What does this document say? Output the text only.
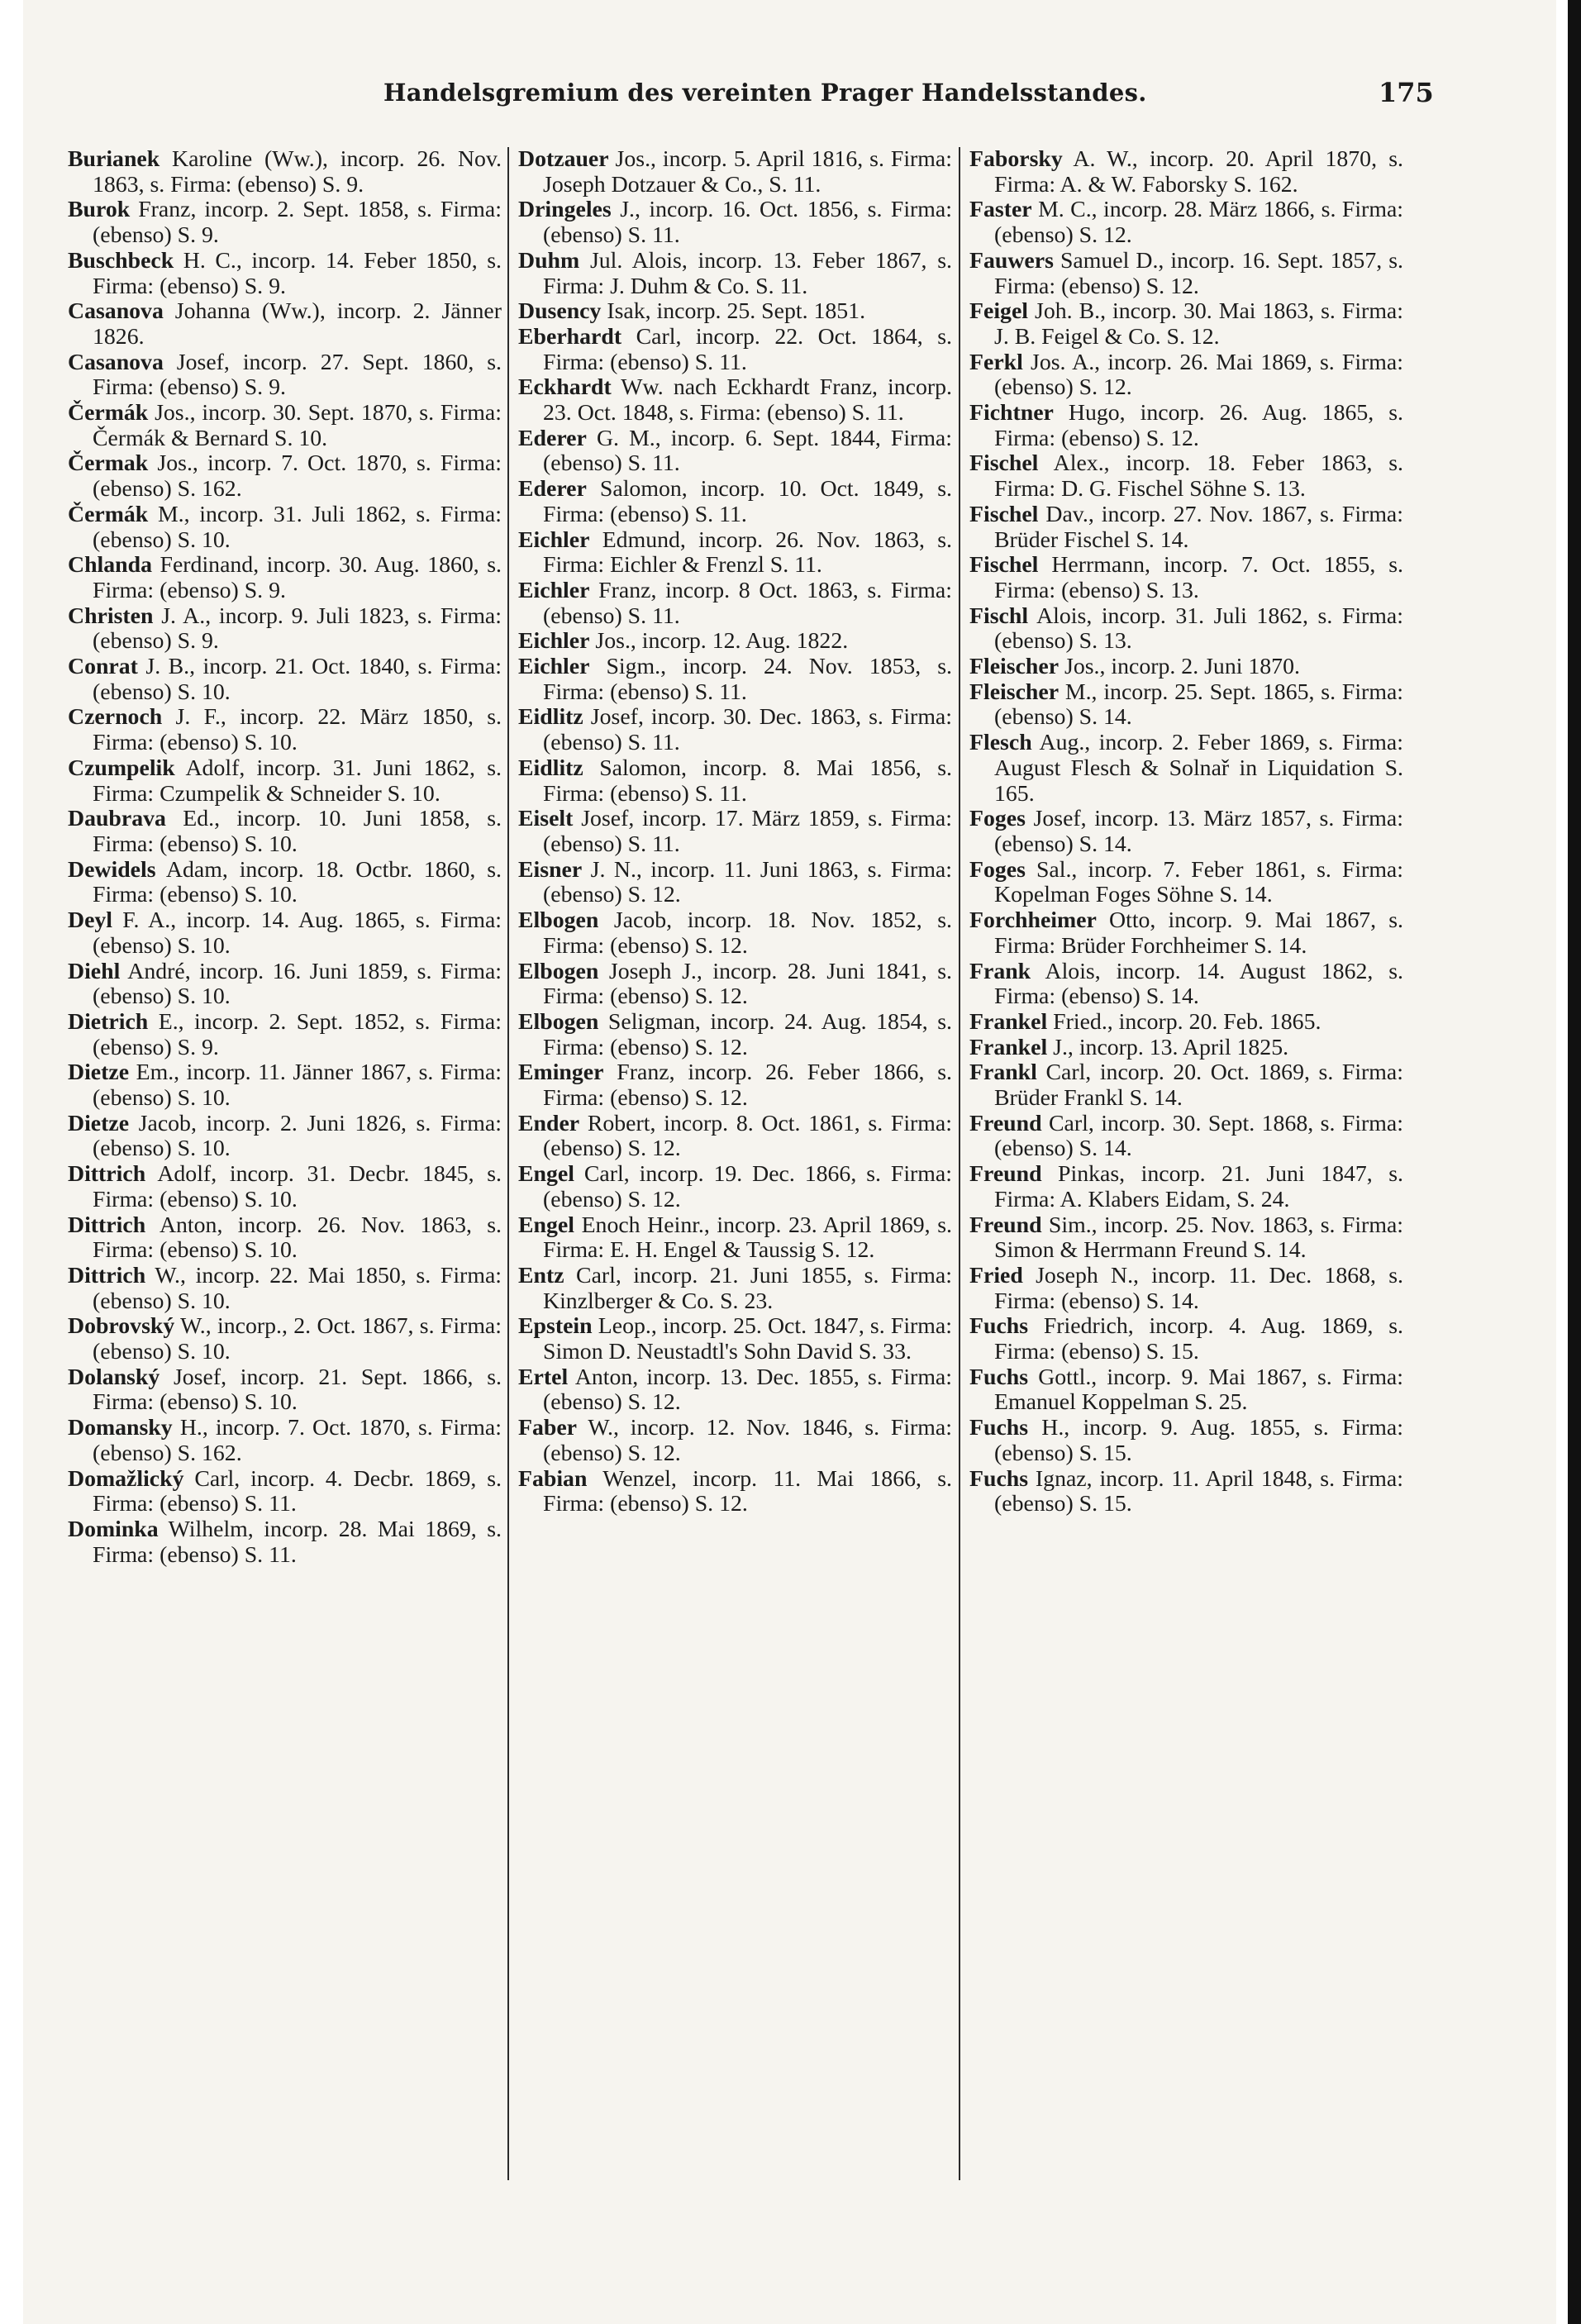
Handelsgremium des vereinten Prager Handelsstandes.	175

Burianek Karoline (Ww.), incorp. 26. Nov. 1863, s. Firma: (ebenso) S. 9.

Burok Franz, incorp. 2. Sept. 1858, s. Firma: (ebenso) S. 9.

Buschbeck H. C., incorp. 14. Feber 1850, s. Firma: (ebenso) S. 9.

Casanova Johanna (Ww.), incorp. 2. Jänner 1826.

Casanova Josef, incorp. 27. Sept. 1860, s. Firma: (ebenso) S. 9.

Čermák Jos., incorp. 30. Sept. 1870, s. Firma: Čermák & Bernard S. 10.

Čermak Jos., incorp. 7. Oct. 1870, s. Firma: (ebenso) S. 162.

Čermák M., incorp. 31. Juli 1862, s. Firma: (ebenso) S. 10.

Chlanda Ferdinand, incorp. 30. Aug. 1860, s. Firma: (ebenso) S. 9.

Christen J. A., incorp. 9. Juli 1823, s. Firma: (ebenso) S. 9.

Conrat J. B., incorp. 21. Oct. 1840, s. Firma: (ebenso) S. 10.

Czernoch J. F., incorp. 22. März 1850, s. Firma: (ebenso) S. 10.

Czumpelik Adolf, incorp. 31. Juni 1862, s. Firma: Czumpelik & Schneider S. 10.

Daubrava Ed., incorp. 10. Juni 1858, s. Firma: (ebenso) S. 10.

Dewidels Adam, incorp. 18. Octbr. 1860, s. Firma: (ebenso) S. 10.

Deyl F. A., incorp. 14. Aug. 1865, s. Firma: (ebenso) S. 10.

Diehl André, incorp. 16. Juni 1859, s. Firma: (ebenso) S. 10.

Dietrich E., incorp. 2. Sept. 1852, s. Firma: (ebenso) S. 9.

Dietze Em., incorp. 11. Jänner 1867, s. Firma: (ebenso) S. 10.

Dietze Jacob, incorp. 2. Juni 1826, s. Firma: (ebenso) S. 10.

Dittrich Adolf, incorp. 31. Decbr. 1845, s. Firma: (ebenso) S. 10.

Dittrich Anton, incorp. 26. Nov. 1863, s. Firma: (ebenso) S. 10.

Dittrich W., incorp. 22. Mai 1850, s. Firma: (ebenso) S. 10.

Dobrovský W., incorp., 2. Oct. 1867, s. Firma: (ebenso) S. 10.

Dolanský Josef, incorp. 21. Sept. 1866, s. Firma: (ebenso) S. 10.

Domansky H., incorp. 7. Oct. 1870, s. Firma: (ebenso) S. 162.

Domažlický Carl, incorp. 4. Decbr. 1869, s. Firma: (ebenso) S. 11.

Dominka Wilhelm, incorp. 28. Mai 1869, s. Firma: (ebenso) S. 11.

Dotzauer Jos., incorp. 5. April 1816, s. Firma: Joseph Dotzauer & Co., S. 11.

Dringeles J., incorp. 16. Oct. 1856, s. Firma: (ebenso) S. 11.

Duhm Jul. Alois, incorp. 13. Feber 1867, s. Firma: J. Duhm & Co. S. 11.

Dusency Isak, incorp. 25. Sept. 1851.

Eberhardt Carl, incorp. 22. Oct. 1864, s. Firma: (ebenso) S. 11.

Eckhardt Ww. nach Eckhardt Franz, incorp. 23. Oct. 1848, s. Firma: (ebenso) S. 11.

Ederer G. M., incorp. 6. Sept. 1844, Firma: (ebenso) S. 11.

Ederer Salomon, incorp. 10. Oct. 1849, s. Firma: (ebenso) S. 11.

Eichler Edmund, incorp. 26. Nov. 1863, s. Firma: Eichler & Frenzl S. 11.

Eichler Franz, incorp. 8 Oct. 1863, s. Firma: (ebenso) S. 11.

Eichler Jos., incorp. 12. Aug. 1822.

Eichler Sigm., incorp. 24. Nov. 1853, s. Firma: (ebenso) S. 11.

Eidlitz Josef, incorp. 30. Dec. 1863, s. Firma: (ebenso) S. 11.

Eidlitz Salomon, incorp. 8. Mai 1856, s. Firma: (ebenso) S. 11.

Eiselt Josef, incorp. 17. März 1859, s. Firma: (ebenso) S. 11.

Eisner J. N., incorp. 11. Juni 1863, s. Firma: (ebenso) S. 12.

Elbogen Jacob, incorp. 18. Nov. 1852, s. Firma: (ebenso) S. 12.

Elbogen Joseph J., incorp. 28. Juni 1841, s. Firma: (ebenso) S. 12.

Elbogen Seligman, incorp. 24. Aug. 1854, s. Firma: (ebenso) S. 12.

Eminger Franz, incorp. 26. Feber 1866, s. Firma: (ebenso) S. 12.

Ender Robert, incorp. 8. Oct. 1861, s. Firma: (ebenso) S. 12.

Engel Carl, incorp. 19. Dec. 1866, s. Firma: (ebenso) S. 12.

Engel Enoch Heinr., incorp. 23. April 1869, s. Firma: E. H. Engel & Taussig S. 12.

Entz Carl, incorp. 21. Juni 1855, s. Firma: Kinzlberger & Co. S. 23.

Epstein Leop., incorp. 25. Oct. 1847, s. Firma: Simon D. Neustadtl's Sohn David S. 33.

Ertel Anton, incorp. 13. Dec. 1855, s. Firma: (ebenso) S. 12.

Faber W., incorp. 12. Nov. 1846, s. Firma: (ebenso) S. 12.

Fabian Wenzel, incorp. 11. Mai 1866, s. Firma: (ebenso) S. 12.

Faborsky A. W., incorp. 20. April 1870, s. Firma: A. & W. Faborsky S. 162.

Faster M. C., incorp. 28. März 1866, s. Firma: (ebenso) S. 12.

Fauwers Samuel D., incorp. 16. Sept. 1857, s. Firma: (ebenso) S. 12.

Feigel Joh. B., incorp. 30. Mai 1863, s. Firma: J. B. Feigel & Co. S. 12.

Ferkl Jos. A., incorp. 26. Mai 1869, s. Firma: (ebenso) S. 12.

Fichtner Hugo, incorp. 26. Aug. 1865, s. Firma: (ebenso) S. 12.

Fischel Alex., incorp. 18. Feber 1863, s. Firma: D. G. Fischel Söhne S. 13.

Fischel Dav., incorp. 27. Nov. 1867, s. Firma: Brüder Fischel S. 14.

Fischel Herrmann, incorp. 7. Oct. 1855, s. Firma: (ebenso) S. 13.

Fischl Alois, incorp. 31. Juli 1862, s. Firma: (ebenso) S. 13.

Fleischer Jos., incorp. 2. Juni 1870.

Fleischer M., incorp. 25. Sept. 1865, s. Firma: (ebenso) S. 14.

Flesch Aug., incorp. 2. Feber 1869, s. Firma: August Flesch & Solnař in Liquidation S. 165.

Foges Josef, incorp. 13. März 1857, s. Firma: (ebenso) S. 14.

Foges Sal., incorp. 7. Feber 1861, s. Firma: Kopelman Foges Söhne S. 14.

Forchheimer Otto, incorp. 9. Mai 1867, s. Firma: Brüder Forchheimer S. 14.

Frank Alois, incorp. 14. August 1862, s. Firma: (ebenso) S. 14.

Frankel Fried., incorp. 20. Feb. 1865.

Frankel J., incorp. 13. April 1825.

Frankl Carl, incorp. 20. Oct. 1869, s. Firma: Brüder Frankl S. 14.

Freund Carl, incorp. 30. Sept. 1868, s. Firma: (ebenso) S. 14.

Freund Pinkas, incorp. 21. Juni 1847, s. Firma: A. Klabers Eidam, S. 24.

Freund Sim., incorp. 25. Nov. 1863, s. Firma: Simon & Herrmann Freund S. 14.

Fried Joseph N., incorp. 11. Dec. 1868, s. Firma: (ebenso) S. 14.

Fuchs Friedrich, incorp. 4. Aug. 1869, s. Firma: (ebenso) S. 15.

Fuchs Gottl., incorp. 9. Mai 1867, s. Firma: Emanuel Koppelman S. 25.

Fuchs H., incorp. 9. Aug. 1855, s. Firma: (ebenso) S. 15.

Fuchs Ignaz, incorp. 11. April 1848, s. Firma: (ebenso) S. 15.
